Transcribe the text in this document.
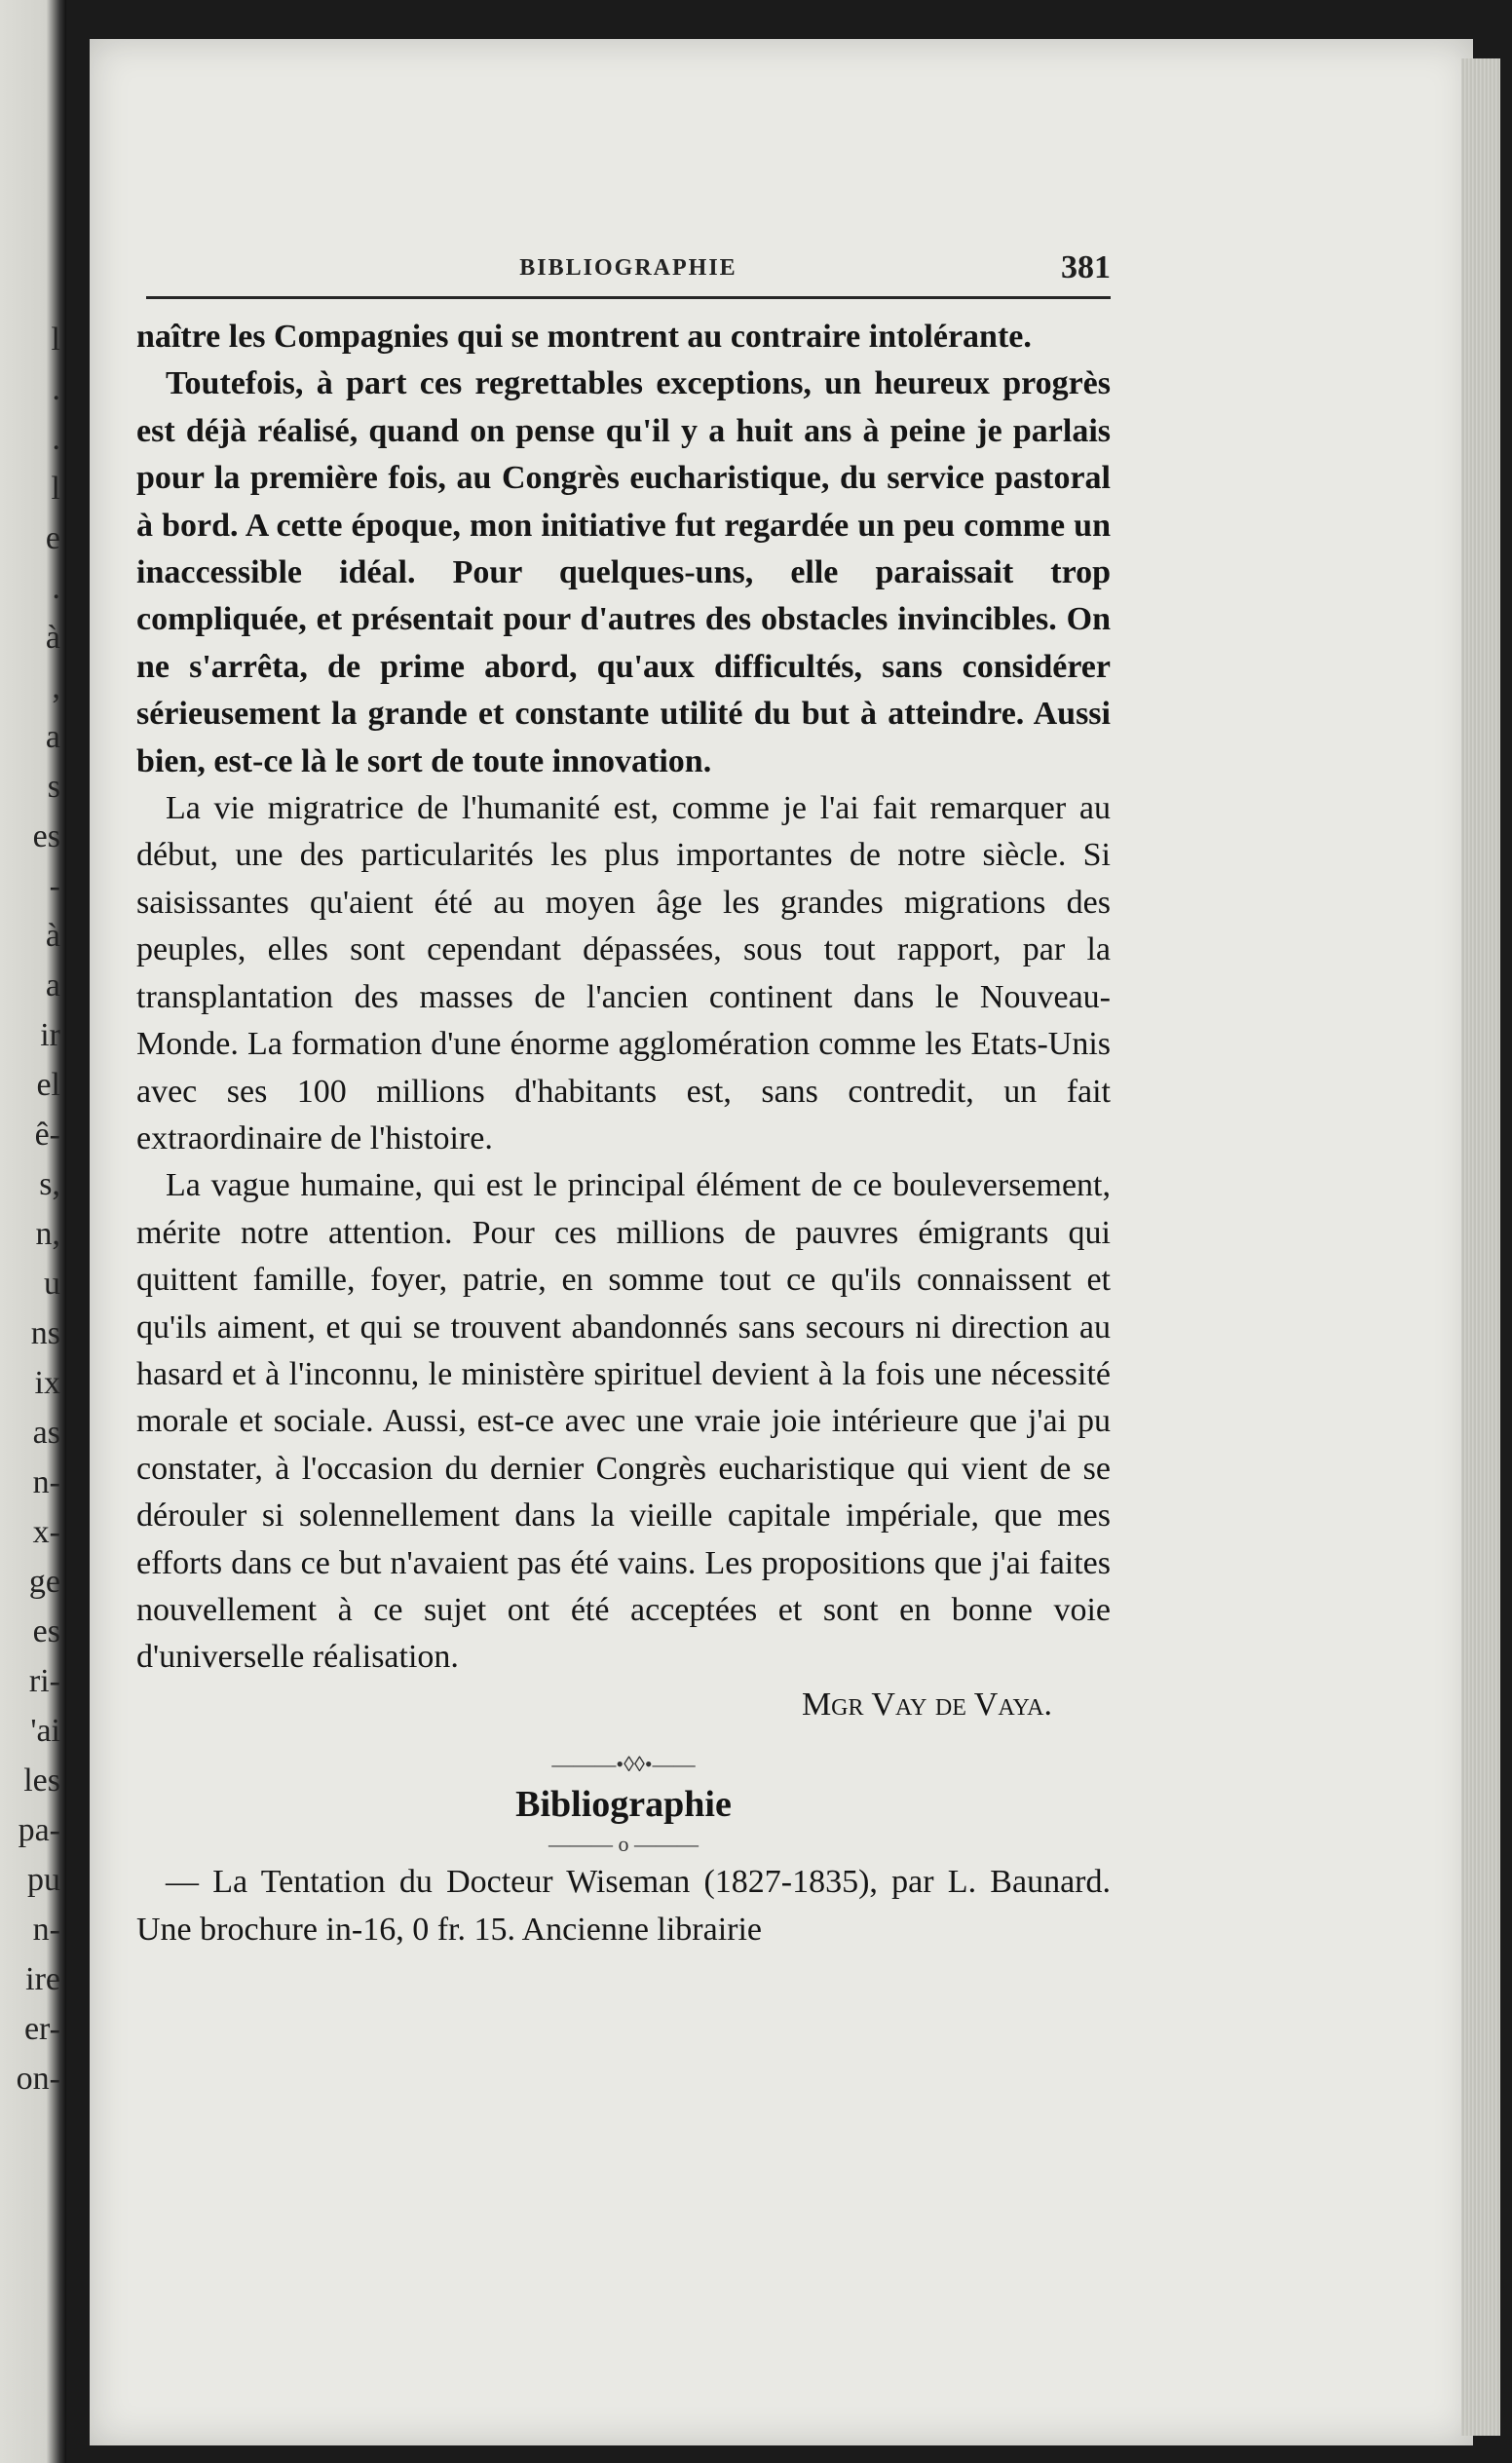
l
.
.
l
e
.
à
,
a
s
es
-
à
a
ir
el
ê-
s,
n,
u
ns
ix
as
n-
x-
ge
es
ri-
'ai
les
pa-
pu
n-
ire
er-
on-
BIBLIOGRAPHIE	381

naître les Compagnies qui se montrent au contraire intolérante.

Toutefois, à part ces regrettables exceptions, un heureux progrès est déjà réalisé, quand on pense qu'il y a huit ans à peine je parlais pour la première fois, au Congrès eucharistique, du service pastoral à bord. A cette époque, mon initiative fut regardée un peu comme un inaccessible idéal. Pour quelques-uns, elle paraissait trop compliquée, et présentait pour d'autres des obstacles invincibles. On ne s'arrêta, de prime abord, qu'aux difficultés, sans considérer sérieusement la grande et constante utilité du but à atteindre. Aussi bien, est-ce là le sort de toute innovation.

La vie migratrice de l'humanité est, comme je l'ai fait remarquer au début, une des particularités les plus importantes de notre siècle. Si saisissantes qu'aient été au moyen âge les grandes migrations des peuples, elles sont cependant dépassées, sous tout rapport, par la transplantation des masses de l'ancien continent dans le Nouveau-Monde. La formation d'une énorme agglomération comme les Etats-Unis avec ses 100 millions d'habitants est, sans contredit, un fait extraordinaire de l'histoire.

La vague humaine, qui est le principal élément de ce bouleversement, mérite notre attention. Pour ces millions de pauvres émigrants qui quittent famille, foyer, patrie, en somme tout ce qu'ils connaissent et qu'ils aiment, et qui se trouvent abandonnés sans secours ni direction au hasard et à l'inconnu, le ministère spirituel devient à la fois une nécessité morale et sociale. Aussi, est-ce avec une vraie joie intérieure que j'ai pu constater, à l'occasion du dernier Congrès eucharistique qui vient de se dérouler si solennellement dans la vieille capitale impériale, que mes efforts dans ce but n'avaient pas été vains. Les propositions que j'ai faites nouvellement à ce sujet ont été acceptées et sont en bonne voie d'universelle réalisation.

Mgr Vay de Vaya.

———•◊◊•——

Bibliographie

——— o ———

— La Tentation du Docteur Wiseman (1827-1835), par L. Baunard. Une brochure in-16, 0 fr. 15. Ancienne librairie
